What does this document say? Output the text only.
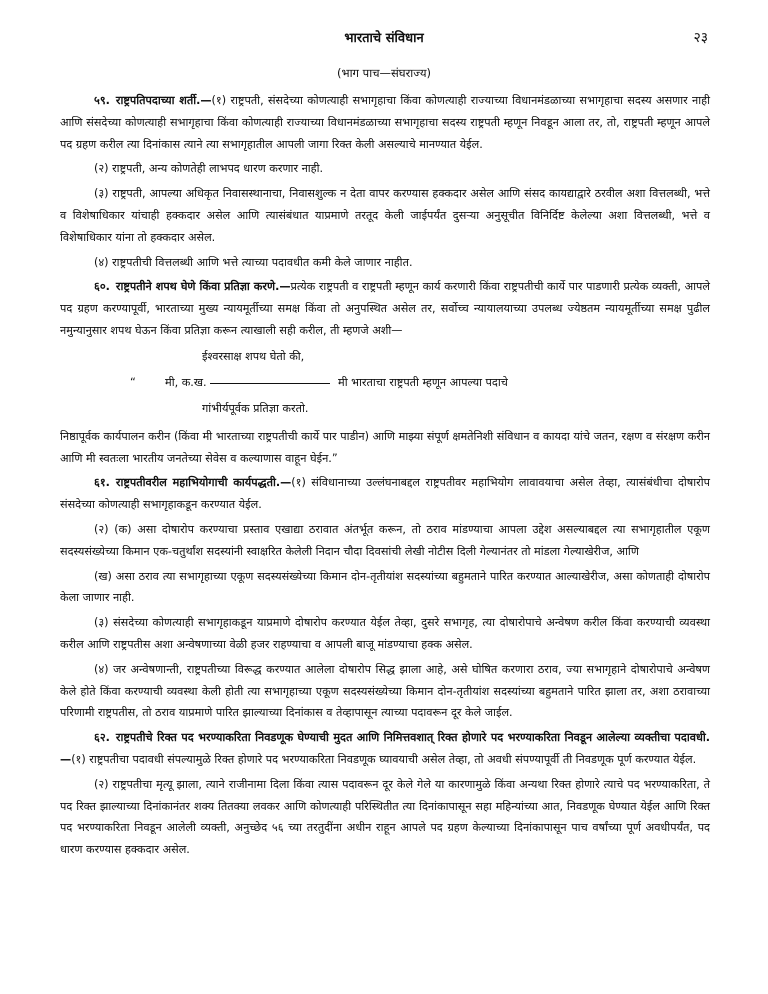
भारताचे संविधान	२३
(भाग पाच—संघराज्य)

५९. राष्ट्रपतिपदाच्या शर्ती.—(१) राष्ट्रपती, संसदेच्या कोणत्याही सभागृहाचा किंवा कोणत्याही राज्याच्या विधानमंडळाच्या सभागृहाचा सदस्य असणार नाही आणि संसदेच्या कोणत्याही सभागृहाचा किंवा कोणत्याही राज्याच्या विधानमंडळाच्या सभागृहाचा सदस्य राष्ट्रपती म्हणून निवडून आला तर, तो, राष्ट्रपती म्हणून आपले पद ग्रहण करील त्या दिनांकास त्याने त्या सभागृहातील आपली जागा रिक्त केली असल्याचे मानण्यात येईल.

(२) राष्ट्रपती, अन्य कोणतेही लाभपद धारण करणार नाही.

(३) राष्ट्रपती, आपल्या अधिकृत निवासस्थानाचा, निवासशुल्क न देता वापर करण्यास हक्कदार असेल आणि संसद कायद्याद्वारे ठरवील अशा वित्तलब्धी, भत्ते व विशेषाधिकार यांचाही हक्कदार असेल आणि त्यासंबंधात याप्रमाणे तरतूद केली जाईपर्यंत दुसऱ्या अनुसूचीत विनिर्दिष्ट केलेल्या अशा वित्तलब्धी, भत्ते व विशेषाधिकार यांना तो हक्कदार असेल.

(४) राष्ट्रपतीची वित्तलब्धी आणि भत्ते त्याच्या पदावधीत कमी केले जाणार नाहीत.

६०. राष्ट्रपतीने शपथ घेणे किंवा प्रतिज्ञा करणे.—प्रत्येक राष्ट्रपती व राष्ट्रपती म्हणून कार्य करणारी किंवा राष्ट्रपतीची कार्ये पार पाडणारी प्रत्येक व्यक्ती, आपले पद ग्रहण करण्यापूर्वी, भारताच्या मुख्य न्यायमूर्तीच्या समक्ष किंवा तो अनुपस्थित असेल तर, सर्वोच्च न्यायालयाच्या उपलब्ध ज्येष्ठतम न्यायमूर्तीच्या समक्ष पुढील नमुन्यानुसार शपथ घेऊन किंवा प्रतिज्ञा करून त्याखाली सही करील, ती म्हणजे अशी—

ईश्वरसाक्ष शपथ घेतो की,
“	मी, क.ख.	मी भारताचा राष्ट्रपती म्हणून आपल्या पदाचे
गांभीर्यपूर्वक प्रतिज्ञा करतो.

निष्ठापूर्वक कार्यपालन करीन (किंवा मी भारताच्या राष्ट्रपतीची कार्ये पार पाडीन) आणि माझ्या संपूर्ण क्षमतेनिशी संविधान व कायदा यांचे जतन, रक्षण व संरक्षण करीन आणि मी स्वतःला भारतीय जनतेच्या सेवेस व कल्याणास वाहून घेईन.”

६१. राष्ट्रपतीवरील महाभियोगाची कार्यपद्धती.—(१) संविधानाच्या उल्लंघनाबद्दल राष्ट्रपतीवर महाभियोग लावावयाचा असेल तेव्हा, त्यासंबंधीचा दोषारोप संसदेच्या कोणत्याही सभागृहाकडून करण्यात येईल.

(२) (क) असा दोषारोप करण्याचा प्रस्ताव एखाद्या ठरावात अंतर्भूत करून, तो ठराव मांडण्याचा आपला उद्देश असल्याबद्दल त्या सभागृहातील एकूण सदस्यसंख्येच्या किमान एक-चतुर्थांश सदस्यांनी स्वाक्षरित केलेली निदान चौदा दिवसांची लेखी नोटीस दिली गेल्यानंतर तो मांडला गेल्याखेरीज, आणि

(ख) असा ठराव त्या सभागृहाच्या एकूण सदस्यसंख्येच्या किमान दोन-तृतीयांश सदस्यांच्या बहुमताने पारित करण्यात आल्याखेरीज, असा कोणताही दोषारोप केला जाणार नाही.

(३) संसदेच्या कोणत्याही सभागृहाकडून याप्रमाणे दोषारोप करण्यात येईल तेव्हा, दुसरे सभागृह, त्या दोषारोपाचे अन्वेषण करील किंवा करण्याची व्यवस्था करील आणि राष्ट्रपतीस अशा अन्वेषणाच्या वेळी हजर राहण्याचा व आपली बाजू मांडण्याचा हक्क असेल.

(४) जर अन्वेषणान्ती, राष्ट्रपतीच्या विरूद्ध करण्यात आलेला दोषारोप सिद्ध झाला आहे, असे घोषित करणारा ठराव, ज्या सभागृहाने दोषारोपाचे अन्वेषण केले होते किंवा करण्याची व्यवस्था केली होती त्या सभागृहाच्या एकूण सदस्यसंख्येच्या किमान दोन-तृतीयांश सदस्यांच्या बहुमताने पारित झाला तर, अशा ठरावाच्या परिणामी राष्ट्रपतीस, तो ठराव याप्रमाणे पारित झाल्याच्या दिनांकास व तेव्हापासून त्याच्या पदावरून दूर केले जाईल.

६२. राष्ट्रपतीचे रिक्त पद भरण्याकरिता निवडणूक घेण्याची मुदत आणि निमित्तवशात् रिक्त होणारे पद भरण्याकरिता निवडून आलेल्या व्यक्तीचा पदावधी.—(१) राष्ट्रपतीचा पदावधी संपल्यामुळे रिक्त होणारे पद भरण्याकरिता निवडणूक घ्यावयाची असेल तेव्हा, तो अवधी संपण्यापूर्वी ती निवडणूक पूर्ण करण्यात येईल.

(२) राष्ट्रपतीचा मृत्यू झाला, त्याने राजीनामा दिला किंवा त्यास पदावरून दूर केले गेले या कारणामुळे किंवा अन्यथा रिक्त होणारे त्याचे पद भरण्याकरिता, ते पद रिक्त झाल्याच्या दिनांकानंतर शक्य तितक्या लवकर आणि कोणत्याही परिस्थितीत त्या दिनांकापासून सहा महिन्यांच्या आत, निवडणूक घेण्यात येईल आणि रिक्त पद भरण्याकरिता निवडून आलेली व्यक्ती, अनुच्छेद ५६ च्या तरतुदींना अधीन राहून आपले पद ग्रहण केल्याच्या दिनांकापासून पाच वर्षांच्या पूर्ण अवधीपर्यंत, पद धारण करण्यास हक्कदार असेल.
